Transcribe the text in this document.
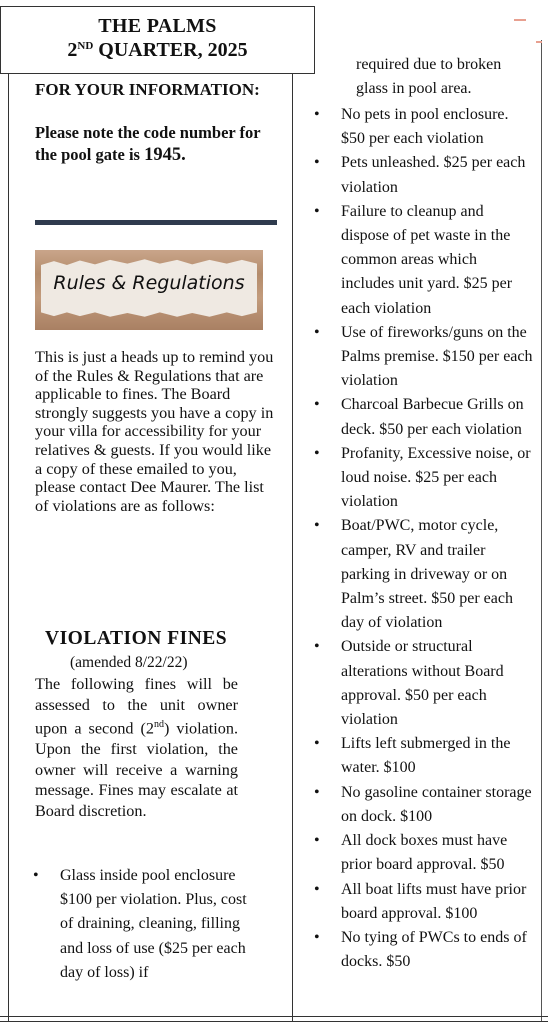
THE PALMS
2ND QUARTER, 2025
FOR YOUR INFORMATION:
Please note the code number for the pool gate is 1945.
Rules & Regulations
This is just a heads up to remind you of the Rules & Regulations that are applicable to fines. The Board strongly suggests you have a copy in your villa for accessibility for your relatives & guests. If you would like a copy of these emailed to you, please contact Dee Maurer. The list of violations are as follows:
VIOLATION FINES
(amended 8/22/22)
The following fines will be assessed to the unit owner upon a second (2nd) violation. Upon the first violation, the owner will receive a warning message. Fines may escalate at Board discretion.
• Glass inside pool enclosure $100 per violation. Plus, cost of draining, cleaning, filling and loss of use ($25 per each day of loss) if
required due to broken glass in pool area.
• No pets in pool enclosure. $50 per each violation
• Pets unleashed. $25 per each violation
• Failure to cleanup and dispose of pet waste in the common areas which includes unit yard. $25 per each violation
• Use of fireworks/guns on the Palms premise. $150 per each violation
• Charcoal Barbecue Grills on deck. $50 per each violation
• Profanity, Excessive noise, or loud noise. $25 per each violation
• Boat/PWC, motor cycle, camper, RV and trailer parking in driveway or on Palm’s street. $50 per each day of violation
• Outside or structural alterations without Board approval. $50 per each violation
• Lifts left submerged in the water. $100
• No gasoline container storage on dock. $100
• All dock boxes must have prior board approval. $50
• All boat lifts must have prior board approval. $100
• No tying of PWCs to ends of docks. $50
